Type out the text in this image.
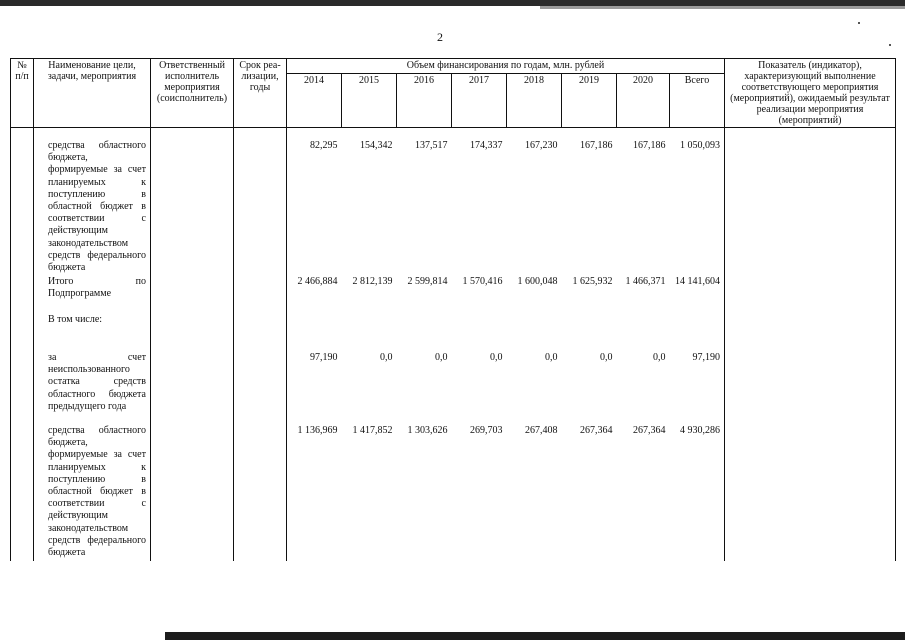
2
№ п/п	Наименование цели, задачи, мероприятия	Ответственный исполнитель мероприятия (соисполнитель)	Срок реа-лизации, годы	Объем финансирования по годам, млн. рублей								Показатель (индикатор), характеризующий выполнение соответствующего мероприятия (мероприятий), ожидаемый результат реализации мероприятия (мероприятий)
				2014	2015	2016	2017	2018	2019	2020	Всего	

	средства областного бюджета, формируемые за счет планируемых к поступлению в областной бюджет в соответствии с действующим законодательством средств федерального бюджета			82,295	154,342	137,517	174,337	167,230	167,186	167,186	1 050,093	
	Итого по Подпрограмме			2 466,884	2 812,139	2 599,814	1 570,416	1 600,048	1 625,932	1 466,371	14 141,604	
	В том числе:											

	за счет неиспользованного остатка средств областного бюджета предыдущего года			97,190	0,0	0,0	0,0	0,0	0,0	0,0	97,190	
	средства областного бюджета, формируемые за счет планируемых к поступлению в областной бюджет в соответствии с действующим законодательством средств федерального бюджета			1 136,969	1 417,852	1 303,626	269,703	267,408	267,364	267,364	4 930,286	
